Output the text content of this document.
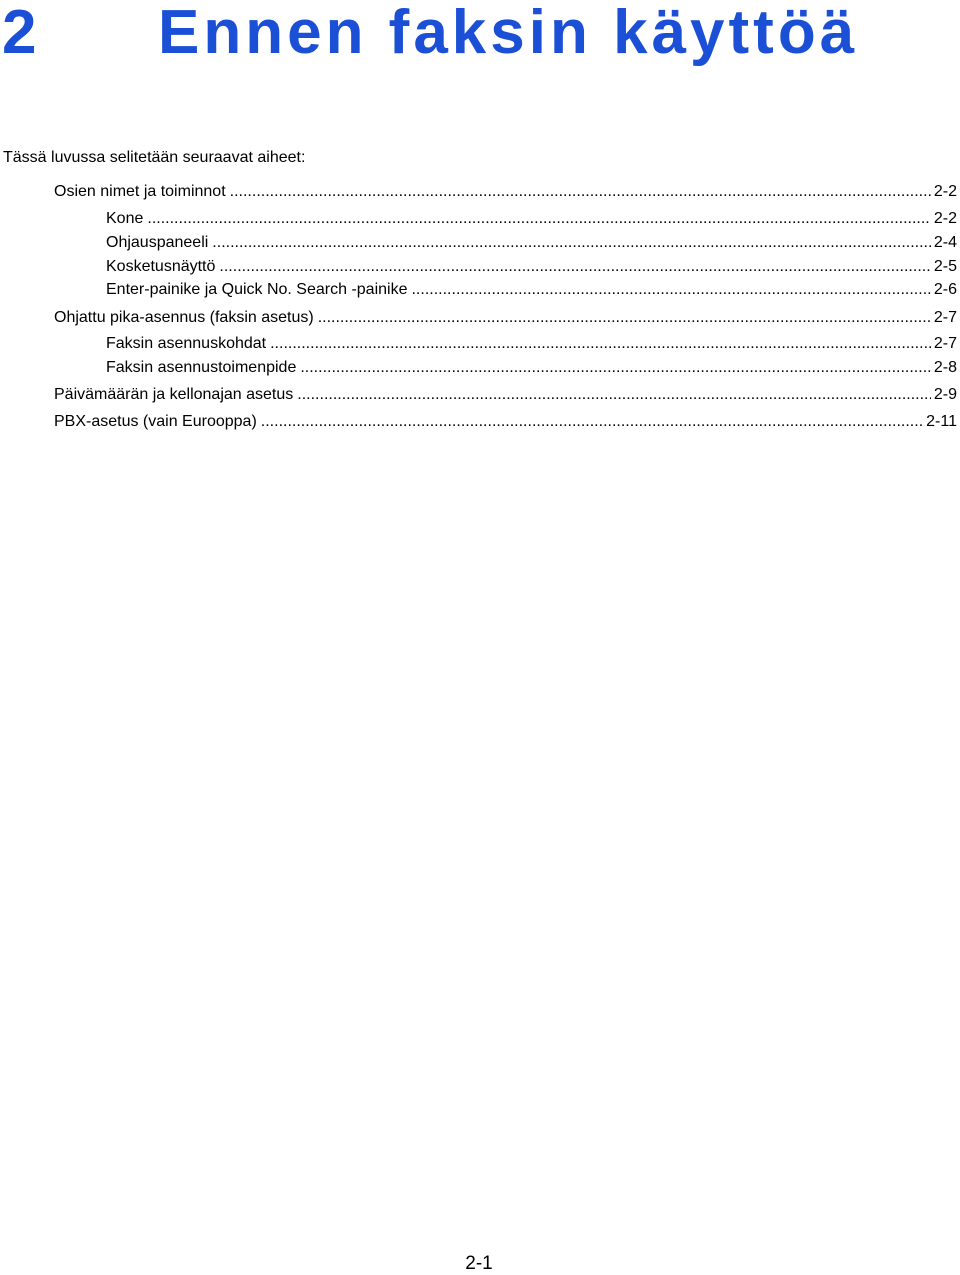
2 Ennen faksin käyttöä
Tässä luvussa selitetään seuraavat aiheet:
Osien nimet ja toiminnot .....	2-2
Kone .....	2-2
Ohjauspaneeli .....	2-4
Kosketusnäyttö .....	2-5
Enter-painike ja Quick No. Search -painike .....	2-6
Ohjattu pika-asennus (faksin asetus) .....	2-7
Faksin asennuskohdat .....	2-7
Faksin asennustoimenpide .....	2-8
Päivämäärän ja kellonajan asetus .....	2-9
PBX-asetus (vain Eurooppa) .....	2-11
2-1
